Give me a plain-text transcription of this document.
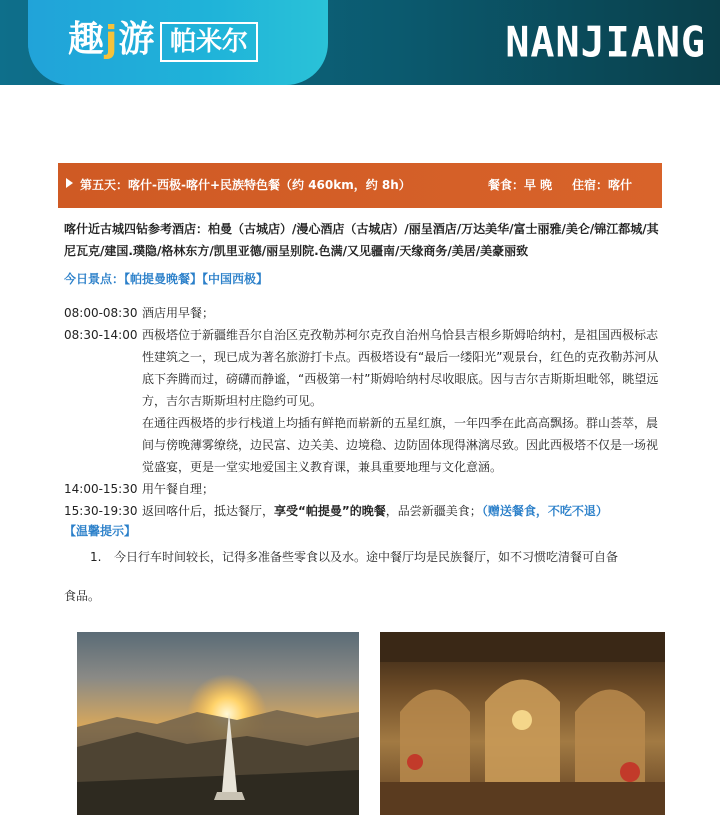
趣j游 帕米尔	NANJIANG
第五天：喀什-西极-喀什+民族特色餐（约 460km，约 8h）	餐食：早 晚 住宿：喀什
喀什近古城四钻参考酒店：柏曼（古城店）/漫心酒店（古城店）/丽呈酒店/万达美华/富士丽雅/美仑/锦江都城/其尼瓦克/建国.璞隐/格林东方/凯里亚德/丽呈别院.色满/又见疆南/天缘商务/美居/美豪丽致
今日景点：【帕提曼晚餐】【中国西极】
08:00-08:30 酒店用早餐；
08:30-14:00 西极塔位于新疆维吾尔自治区克孜勒苏柯尔克孜自治州乌恰县吉根乡斯姆哈纳村，是祖国西极标志性建筑之一，现已成为著名旅游打卡点。西极塔设有“最后一缕阳光”观景台，红色的克孜勒苏河从底下奔腾而过，磅礴而静谧，“西极第一村”斯姆哈纳村尽收眼底。因与吉尔吉斯斯坦毗邻，眺望远方，吉尔吉斯斯坦村庄隐约可见。
在通往西极塔的步行栈道上均插有鲜艳而崭新的五星红旗，一年四季在此高高飘扬。群山荟萃，晨间与傍晚薄雾缭绕，边民富、边关美、边境稳、边防固体现得淋漓尽致。因此西极塔不仅是一场视觉盛宴，更是一堂实地爱国主义教育课，兼具重要地理与文化意涵。
14:00-15:30 用午餐自理；
15:30-19:30 返回喀什后，抵达餐厅，享受“帕提曼”的晚餐，品尝新疆美食；（赠送餐食，不吃不退）
【温馨提示】
1. 今日行车时间较长，记得多准备些零食以及水。途中餐厅均是民族餐厅，如不习惯吃清餐可自备
食品。
